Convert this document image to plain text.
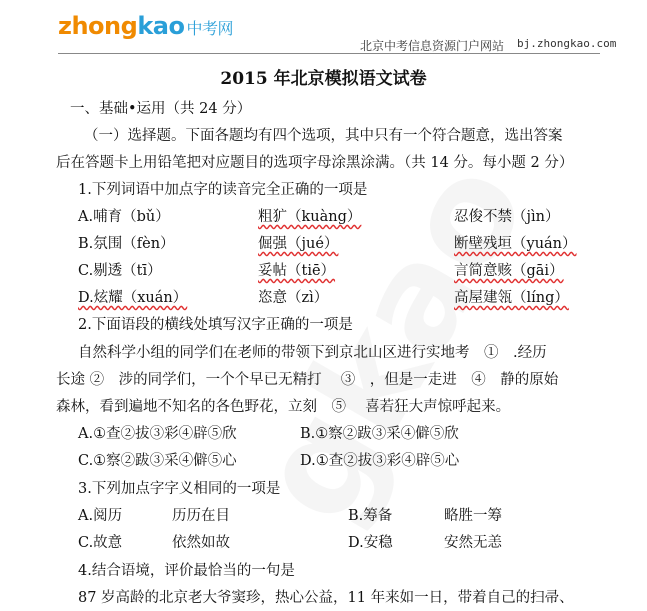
zhongkao 中考网
北京中考信息资源门户网站 bj.zhongkao.com
2015 年北京模拟语文试卷
一、基础•运用（共 24 分）
（一）选择题。下面各题均有四个选项，其中只有一个符合题意，选出答案
后在答题卡上用铅笔把对应题目的选项字母涂黑涂满。（共 14 分。每小题 2 分）
1.下列词语中加点字的读音完全正确的一项是
A.哺育（bǔ）	粗犷（kuàng）	忍俊不禁（jìn）
B.氛围（fèn）	倔强（jué）	断壁残垣（yuán）
C.剔透（tī）	妥帖（tiē）	言简意赅（gāi）
D.炫耀（xuán）	恣意（zì）	高屋建瓴（líng）
2.下面语段的横线处填写汉字正确的一项是
自然科学小组的同学们在老师的带领下到京北山区进行实地考　①　.经历
长途 ②　涉的同学们，一个个早已无精打　 ③　，但是一走进　④　静的原始
森林，看到遍地不知名的各色野花，立刻　⑤　 喜若狂大声惊呼起来。
A.①查②拔③彩④辟⑤欣	B.①察②跋③采④僻⑤欣
C.①察②跋③采④僻⑤心	D.①查②拔③彩④辟⑤心
3.下列加点字字义相同的一项是
A.阅历	历历在目	B.筹备	略胜一筹
C.故意	依然如故	D.安稳	安然无恙
4.结合语境，评价最恰当的一句是
87 岁高龄的北京老大爷窦珍，热心公益，11 年来如一日，带着自己的扫帚、
